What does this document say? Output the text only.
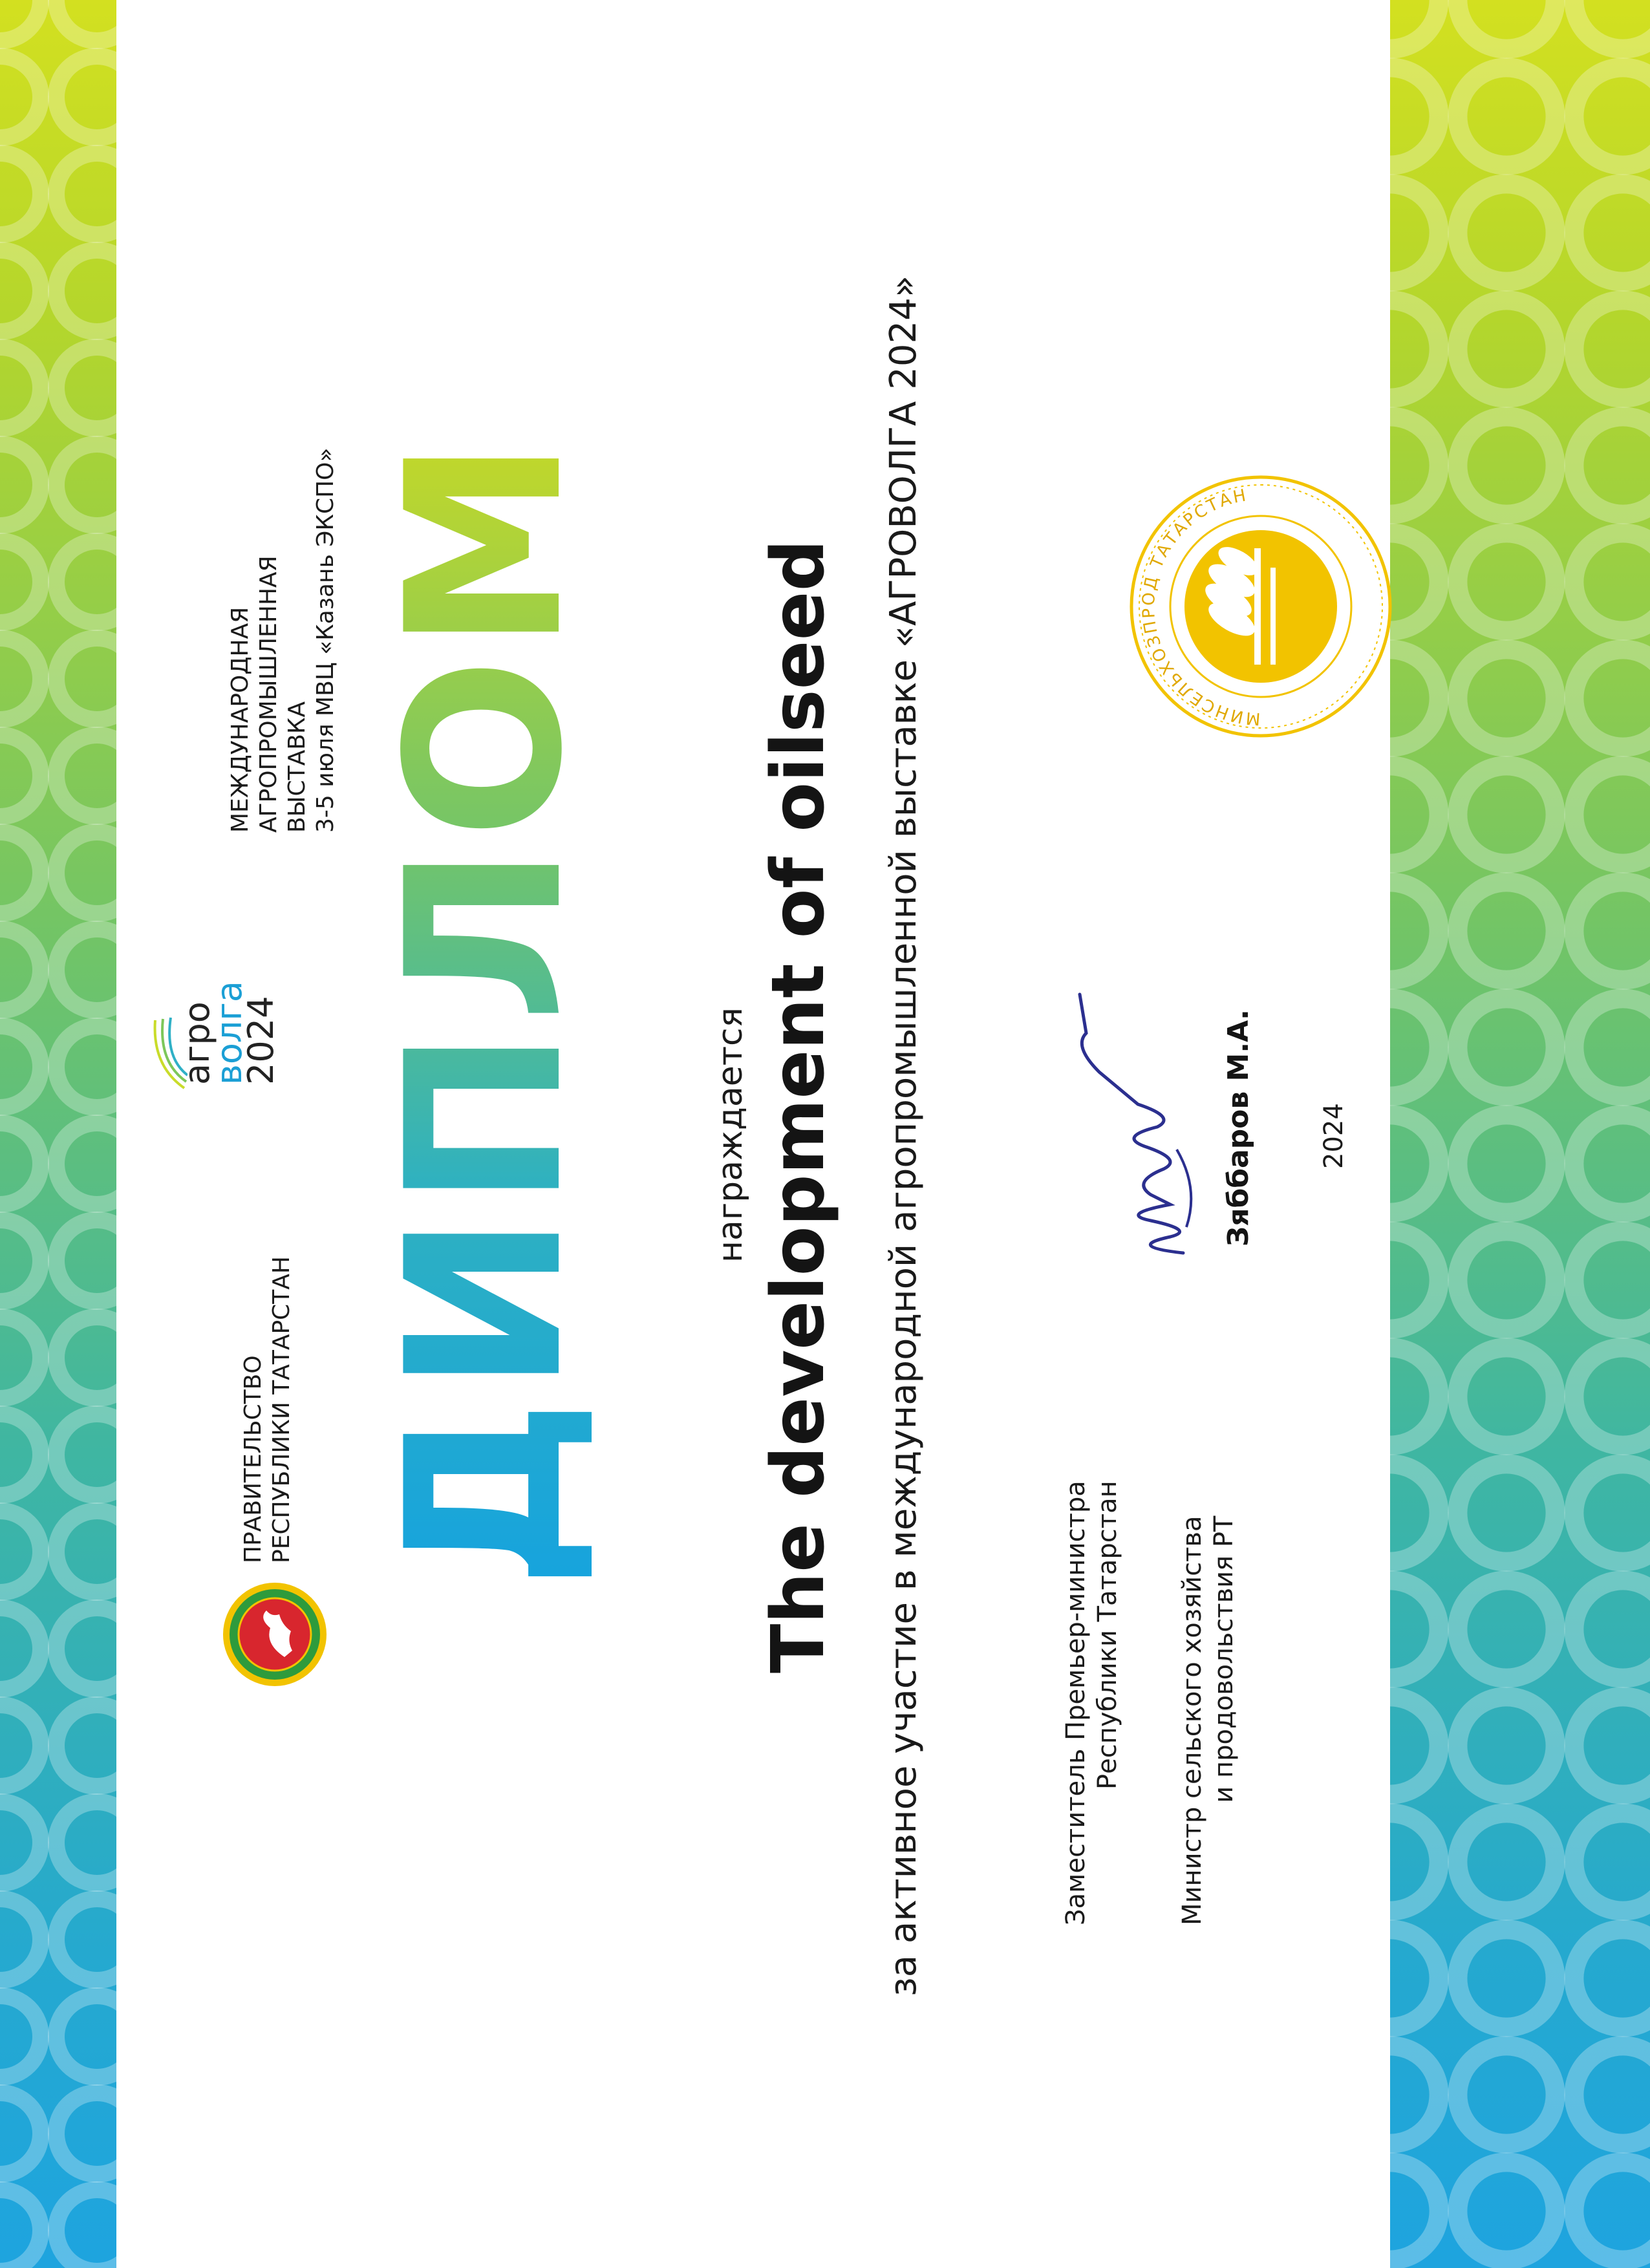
ПРАВИТЕЛЬСТВО РЕСПУБЛИКИ ТАТАРСТАН
агро
волга
2024
МЕЖДУНАРОДНАЯ АГРОПРОМЫШЛЕННАЯ ВЫСТАВКА 3-5 июля МВЦ «Казань ЭКСПО» ДИПЛОМ	награждается The development of oilseed за активное участие в международной агропромышленной выставке «АГРОВОЛГА 2024»	Заместитель Премьер-министра Республики Татарстан Министр сельского хозяйства и продовольствия РТ
Зяббаров М.А. 2024
МИНСЕЛЬХОЗПРОД ТАТАРСТАН
